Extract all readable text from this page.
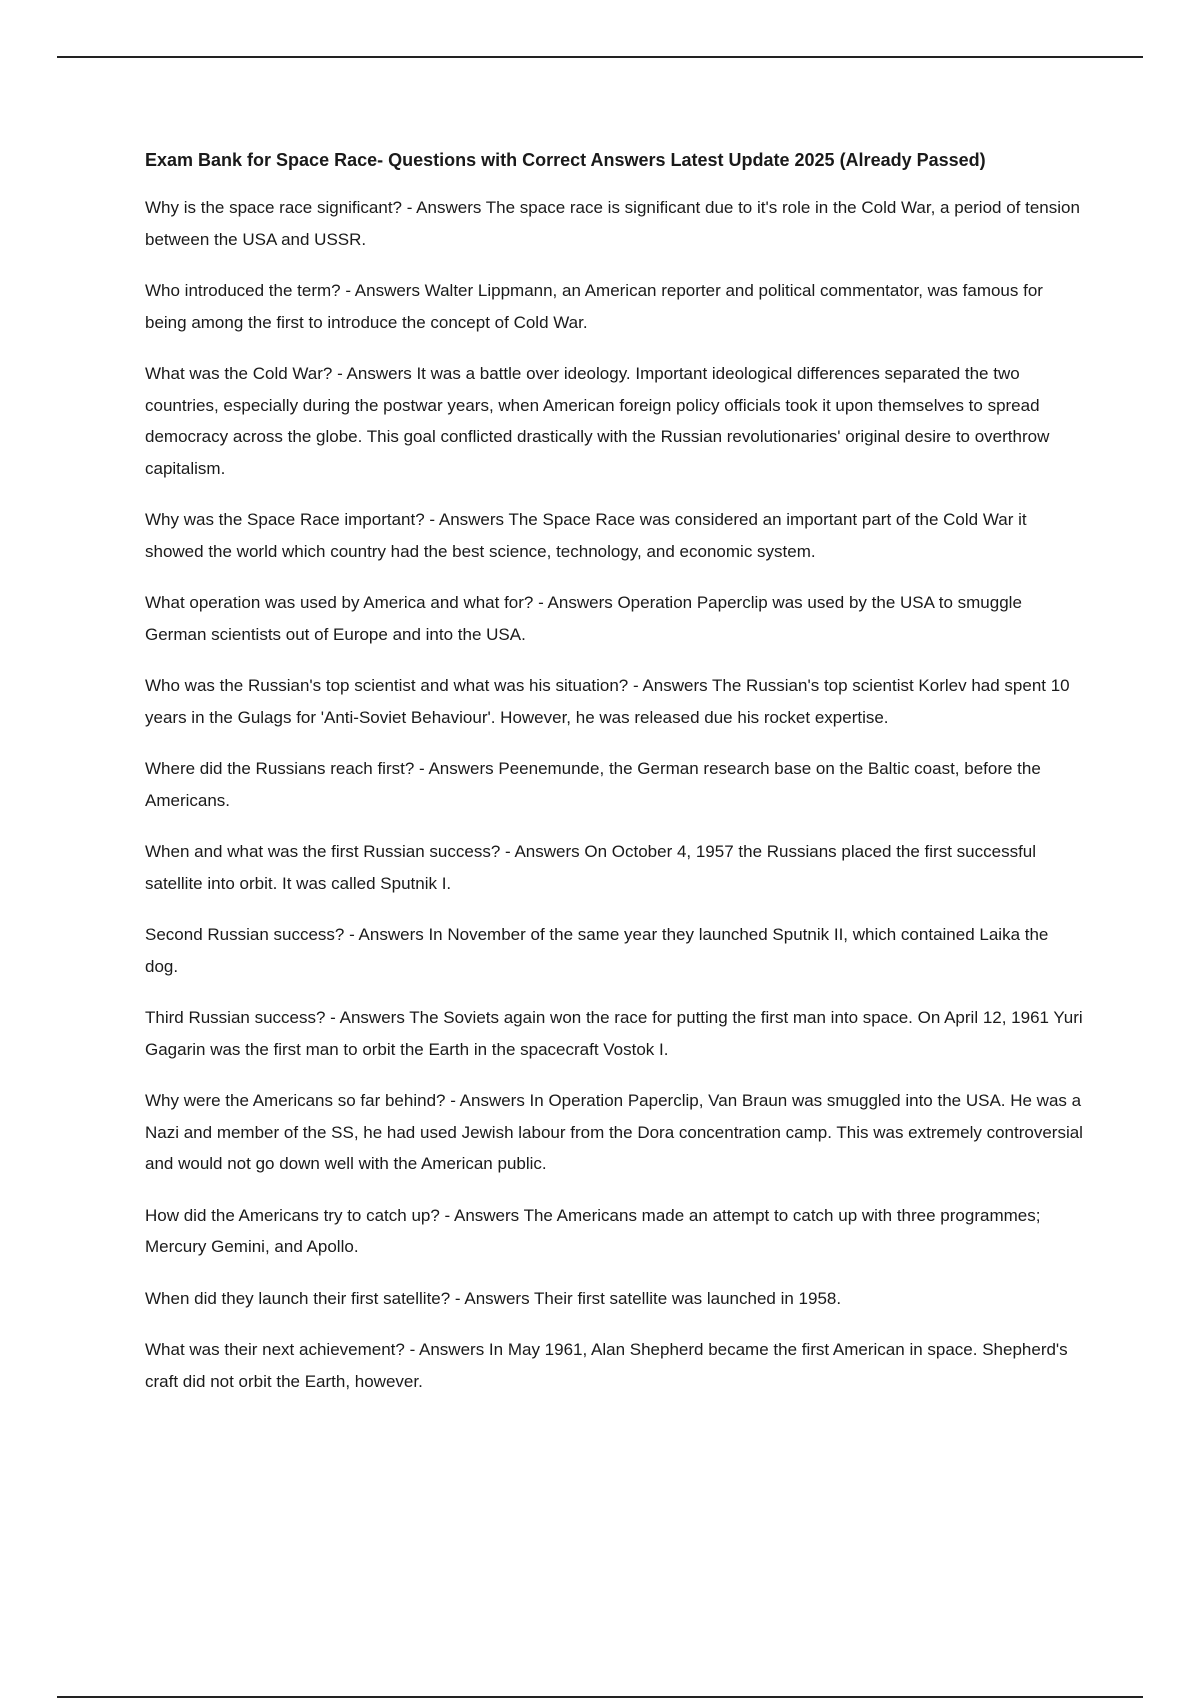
Exam Bank for Space Race- Questions with Correct Answers Latest Update 2025 (Already Passed)

Why is the space race significant? - Answers The space race is significant due to it's role in the Cold War, a period of tension between the USA and USSR.

Who introduced the term? - Answers Walter Lippmann, an American reporter and political commentator, was famous for being among the first to introduce the concept of Cold War.

What was the Cold War? - Answers It was a battle over ideology. Important ideological differences separated the two countries, especially during the postwar years, when American foreign policy officials took it upon themselves to spread democracy across the globe. This goal conflicted drastically with the Russian revolutionaries' original desire to overthrow capitalism.

Why was the Space Race important? - Answers The Space Race was considered an important part of the Cold War it showed the world which country had the best science, technology, and economic system.

What operation was used by America and what for? - Answers Operation Paperclip was used by the USA to smuggle German scientists out of Europe and into the USA.

Who was the Russian's top scientist and what was his situation? - Answers The Russian's top scientist Korlev had spent 10 years in the Gulags for 'Anti-Soviet Behaviour'. However, he was released due his rocket expertise.

Where did the Russians reach first? - Answers Peenemunde, the German research base on the Baltic coast, before the Americans.

When and what was the first Russian success? - Answers On October 4, 1957 the Russians placed the first successful satellite into orbit. It was called Sputnik I.

Second Russian success? - Answers In November of the same year they launched Sputnik II, which contained Laika the dog.

Third Russian success? - Answers The Soviets again won the race for putting the first man into space. On April 12, 1961 Yuri Gagarin was the first man to orbit the Earth in the spacecraft Vostok I.

Why were the Americans so far behind? - Answers In Operation Paperclip, Van Braun was smuggled into the USA. He was a Nazi and member of the SS, he had used Jewish labour from the Dora concentration camp. This was extremely controversial and would not go down well with the American public.

How did the Americans try to catch up? - Answers The Americans made an attempt to catch up with three programmes; Mercury Gemini, and Apollo.

When did they launch their first satellite? - Answers Their first satellite was launched in 1958.

What was their next achievement? - Answers In May 1961, Alan Shepherd became the first American in space. Shepherd's craft did not orbit the Earth, however.
